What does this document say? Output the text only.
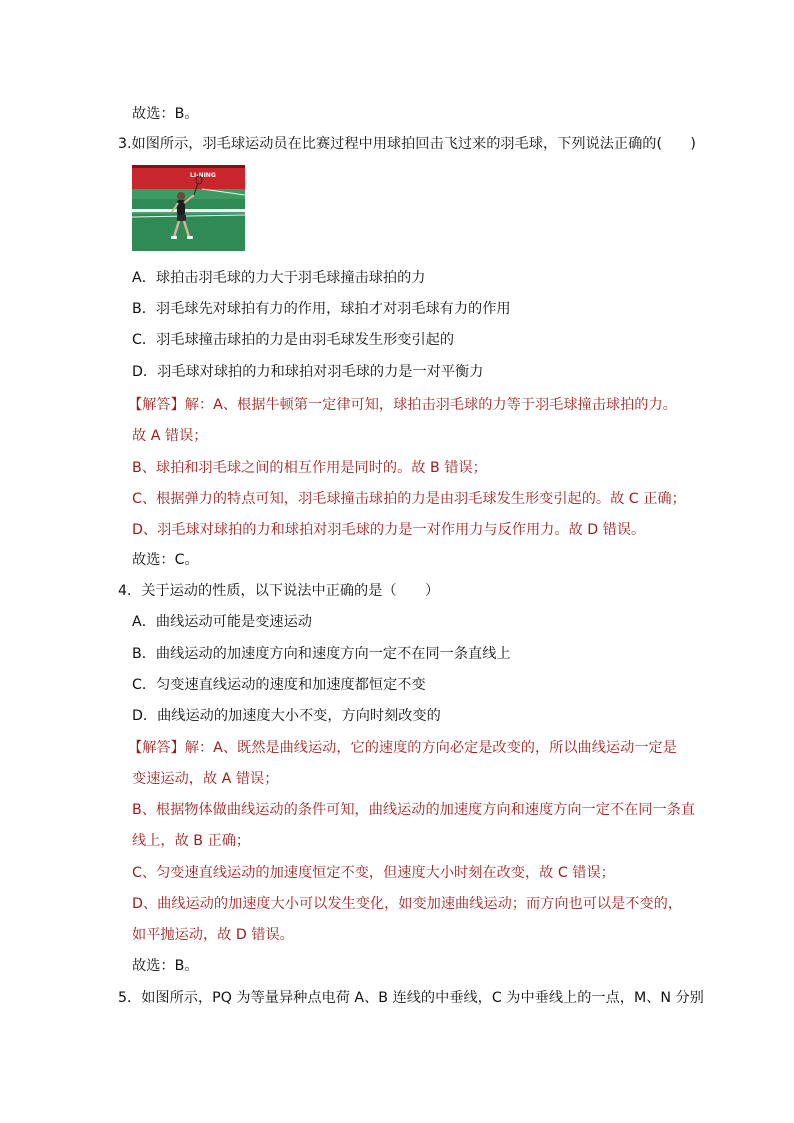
故选：B。
3.如图所示，羽毛球运动员在比赛过程中用球拍回击飞过来的羽毛球，下列说法正确的(　　)
LI-NING
A．球拍击羽毛球的力大于羽毛球撞击球拍的力
B．羽毛球先对球拍有力的作用，球拍才对羽毛球有力的作用
C．羽毛球撞击球拍的力是由羽毛球发生形变引起的
D．羽毛球对球拍的力和球拍对羽毛球的力是一对平衡力
【解答】解：A、根据牛顿第一定律可知，球拍击羽毛球的力等于羽毛球撞击球拍的力。
故 A 错误；
B、球拍和羽毛球之间的相互作用是同时的。故 B 错误；
C、根据弹力的特点可知，羽毛球撞击球拍的力是由羽毛球发生形变引起的。故 C 正确；
D、羽毛球对球拍的力和球拍对羽毛球的力是一对作用力与反作用力。故 D 错误。
故选：C。
4．关于运动的性质，以下说法中正确的是（　　）
A．曲线运动可能是变速运动
B．曲线运动的加速度方向和速度方向一定不在同一条直线上
C．匀变速直线运动的速度和加速度都恒定不变
D．曲线运动的加速度大小不变，方向时刻改变的
【解答】解：A、既然是曲线运动，它的速度的方向必定是改变的，所以曲线运动一定是
变速运动，故 A 错误；
B、根据物体做曲线运动的条件可知，曲线运动的加速度方向和速度方向一定不在同一条直
线上，故 B 正确；
C、匀变速直线运动的加速度恒定不变，但速度大小时刻在改变，故 C 错误；
D、曲线运动的加速度大小可以发生变化，如变加速曲线运动；而方向也可以是不变的，
如平抛运动，故 D 错误。
故选：B。
5．如图所示，PQ 为等量异种点电荷 A、B 连线的中垂线，C 为中垂线上的一点，M、N 分别
